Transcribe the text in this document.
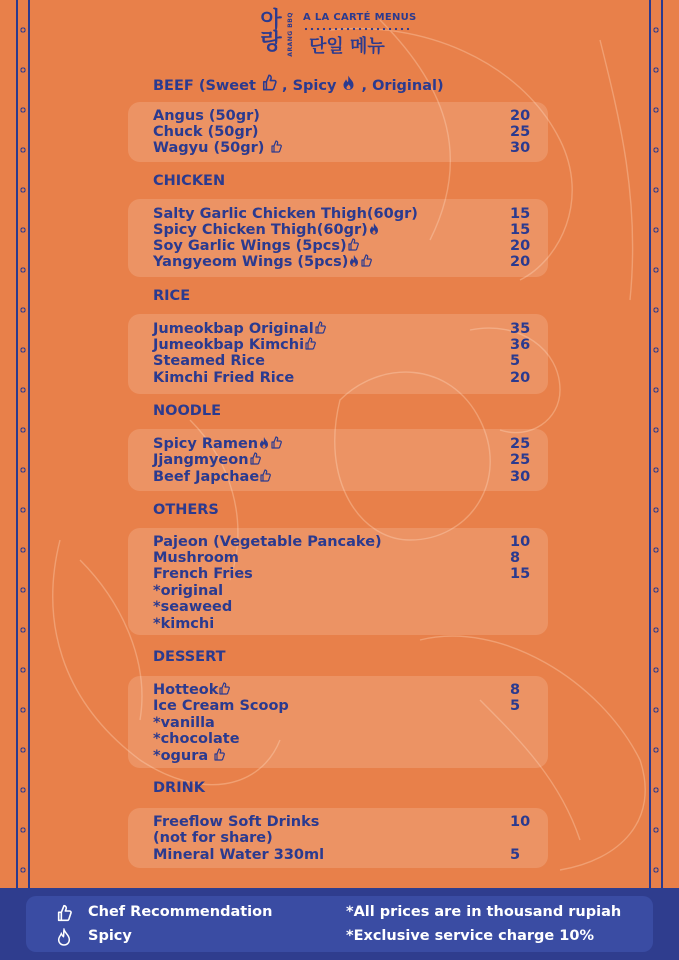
아랑 ARANG BBQ A LA CARTÉ MENUS
단일 메뉴
BEEF (Sweet , Spicy , Original)
Angus (50gr)	20
Chuck (50gr)	25
Wagyu (50gr)	30
CHICKEN
Salty Garlic Chicken Thigh(60gr)	15
Spicy Chicken Thigh(60gr)	15
Soy Garlic Wings (5pcs)	20
Yangyeom Wings (5pcs)	20
RICE
Jumeokbap Original	35
Jumeokbap Kimchi	36
Steamed Rice	5
Kimchi Fried Rice	20
NOODLE
Spicy Ramen	25
Jjangmyeon	25
Beef Japchae	30
OTHERS
Pajeon (Vegetable Pancake)	10
Mushroom	8
French Fries	15
*original
*seaweed
*kimchi
DESSERT
Hotteok	8
Ice Cream Scoop	5
*vanilla
*chocolate
*ogura
DRINK
Freeflow Soft Drinks	10
(not for share)
Mineral Water 330ml	5
Chef Recommendation
Spicy
*All prices are in thousand rupiah
*Exclusive service charge 10%
